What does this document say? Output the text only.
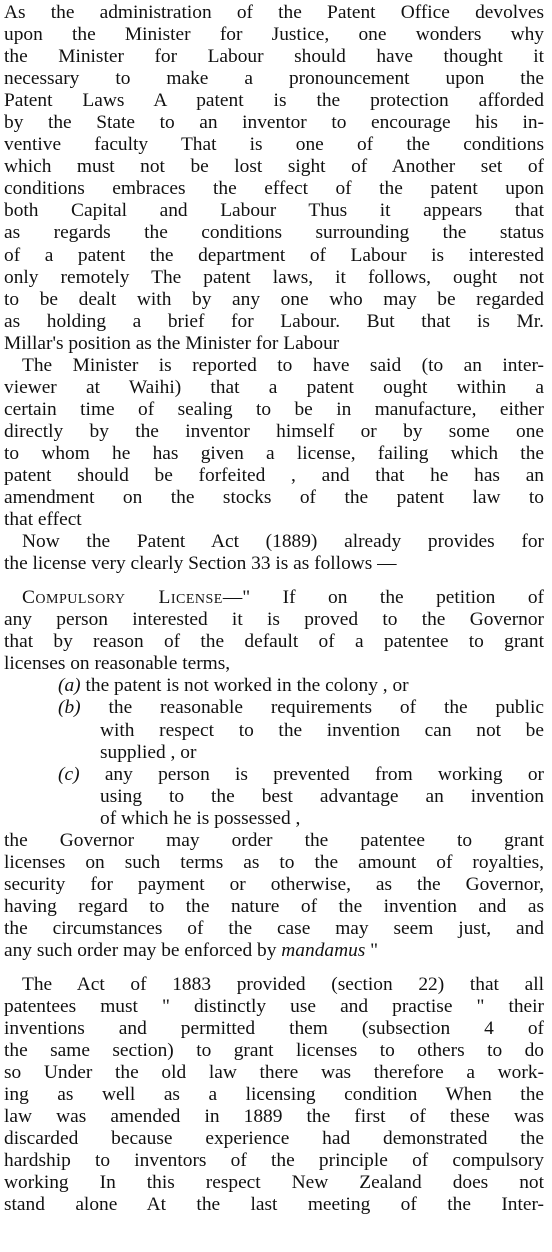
As the administration of the Patent Office devolves
upon the Minister for Justice, one wonders why
the Minister for Labour should have thought it
necessary to make a pronouncement upon the
Patent Laws A patent is the protection afforded
by the State to an inventor to encourage his in-
ventive faculty That is one of the conditions
which must not be lost sight of Another set of
conditions embraces the effect of the patent upon
both Capital and Labour Thus it appears that
as regards the conditions surrounding the status
of a patent the department of Labour is interested
only remotely The patent laws, it follows, ought not
to be dealt with by any one who may be regarded
as holding a brief for Labour. But that is Mr.
Millar's position as the Minister for Labour
The Minister is reported to have said (to an inter-
viewer at Waihi) that a patent ought within a
certain time of sealing to be in manufacture, either
directly by the inventor himself or by some one
to whom he has given a license, failing which the
patent should be forfeited , and that he has an
amendment on the stocks of the patent law to
that effect
Now the Patent Act (1889) already provides for
the license very clearly Section 33 is as follows —
Compulsory License—" If on the petition of
any person interested it is proved to the Governor
that by reason of the default of a patentee to grant
licenses on reasonable terms,
(a) the patent is not worked in the colony , or
(b) the reasonable requirements of the public
with respect to the invention can not be
supplied , or
(c) any person is prevented from working or
using to the best advantage an invention
of which he is possessed ,
the Governor may order the patentee to grant
licenses on such terms as to the amount of royalties,
security for payment or otherwise, as the Governor,
having regard to the nature of the invention and as
the circumstances of the case may seem just, and
any such order may be enforced by mandamus "
The Act of 1883 provided (section 22) that all
patentees must " distinctly use and practise " their
inventions and permitted them (subsection 4 of
the same section) to grant licenses to others to do
so Under the old law there was therefore a work-
ing as well as a licensing condition When the
law was amended in 1889 the first of these was
discarded because experience had demonstrated the
hardship to inventors of the principle of compulsory
working In this respect New Zealand does not
stand alone At the last meeting of the Inter-
